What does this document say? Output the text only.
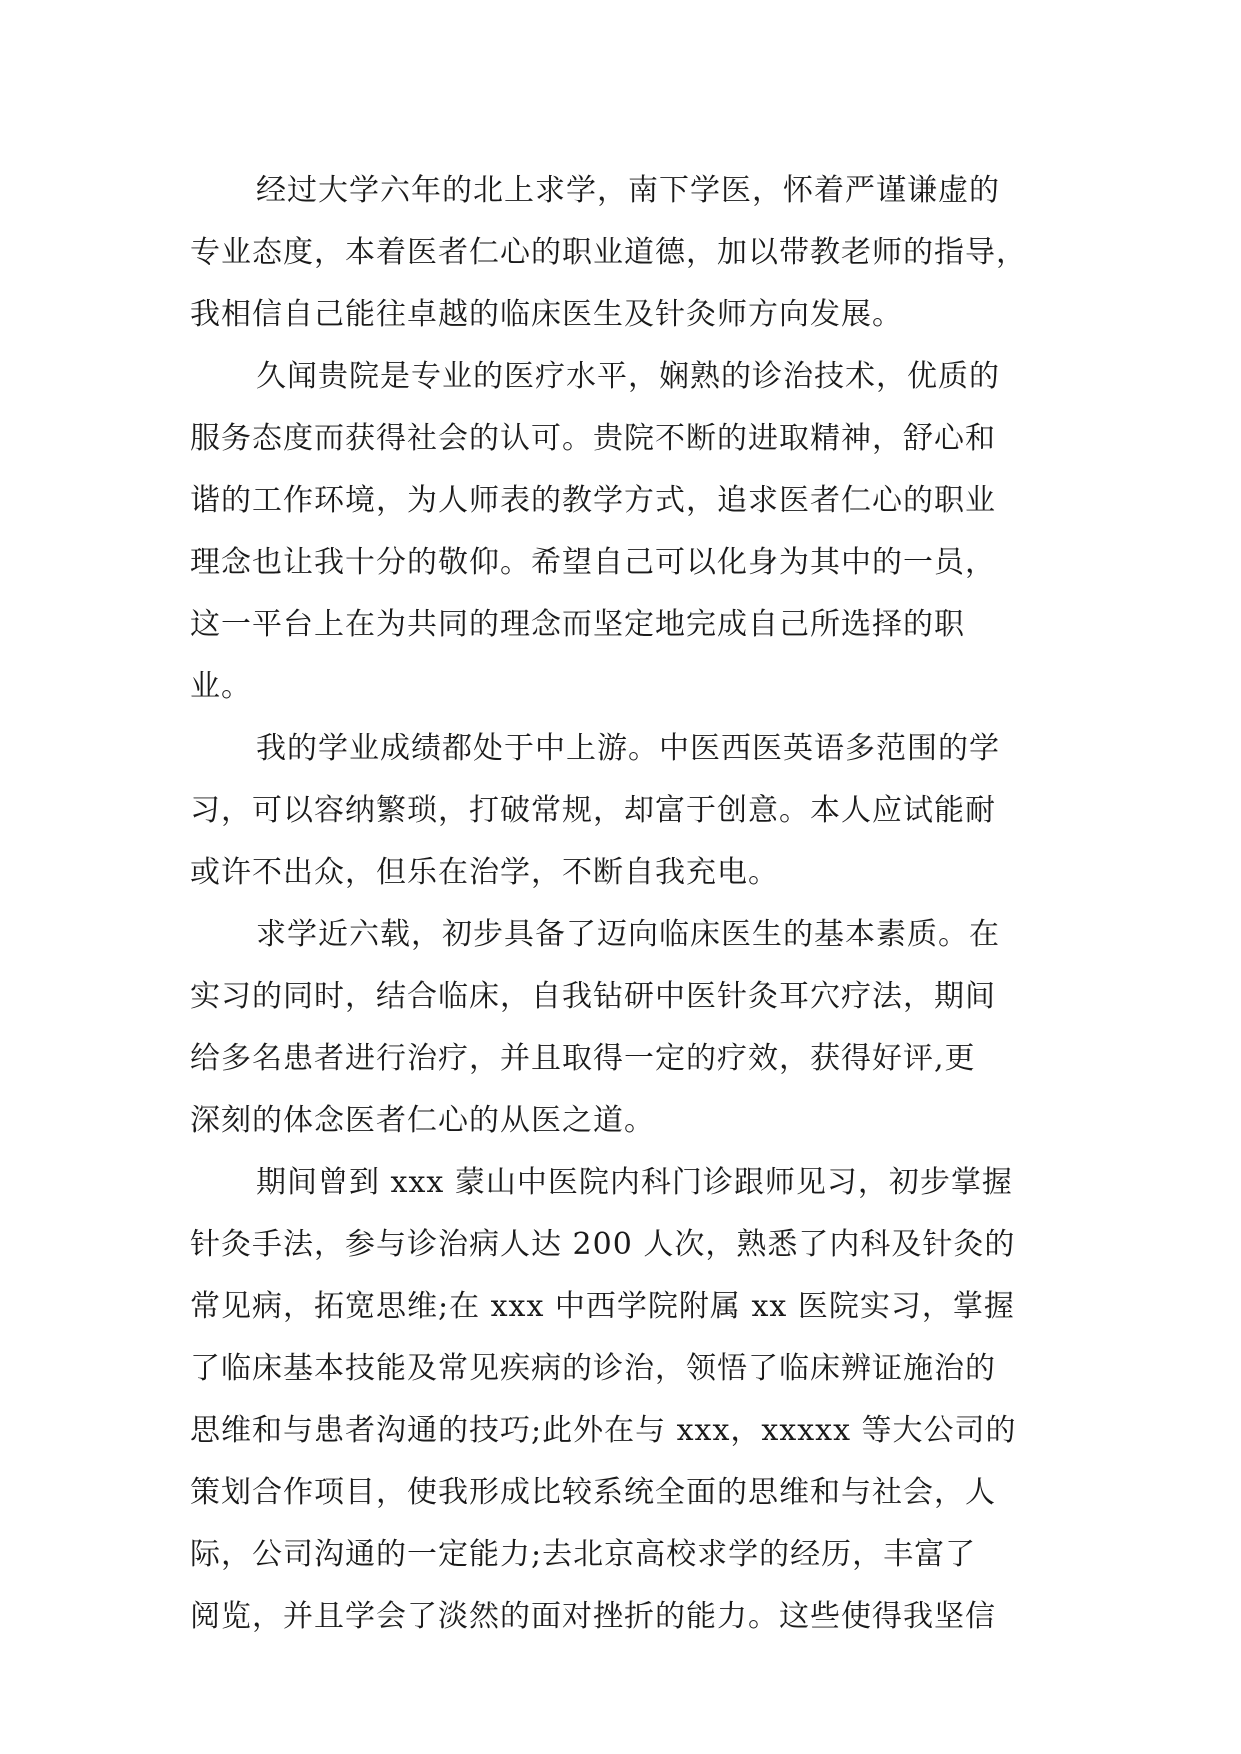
经过大学六年的北上求学，南下学医，怀着严谨谦虚的
专业态度，本着医者仁心的职业道德，加以带教老师的指导，
我相信自己能往卓越的临床医生及针灸师方向发展。
久闻贵院是专业的医疗水平，娴熟的诊治技术，优质的
服务态度而获得社会的认可。贵院不断的进取精神，舒心和
谐的工作环境，为人师表的教学方式，追求医者仁心的职业
理念也让我十分的敬仰。希望自己可以化身为其中的一员，
这一平台上在为共同的理念而坚定地完成自己所选择的职
业。
我的学业成绩都处于中上游。中医西医英语多范围的学
习，可以容纳繁琐，打破常规，却富于创意。本人应试能耐
或许不出众，但乐在治学，不断自我充电。
求学近六载，初步具备了迈向临床医生的基本素质。在
实习的同时，结合临床，自我钻研中医针灸耳穴疗法，期间
给多名患者进行治疗，并且取得一定的疗效，获得好评,更
深刻的体念医者仁心的从医之道。
期间曾到 xxx 蒙山中医院内科门诊跟师见习，初步掌握
针灸手法，参与诊治病人达 200 人次，熟悉了内科及针灸的
常见病，拓宽思维;在 xxx 中西学院附属 xx 医院实习，掌握
了临床基本技能及常见疾病的诊治，领悟了临床辨证施治的
思维和与患者沟通的技巧;此外在与 xxx，xxxxx 等大公司的
策划合作项目，使我形成比较系统全面的思维和与社会，人
际，公司沟通的一定能力;去北京高校求学的经历，丰富了
阅览，并且学会了淡然的面对挫折的能力。这些使得我坚信
